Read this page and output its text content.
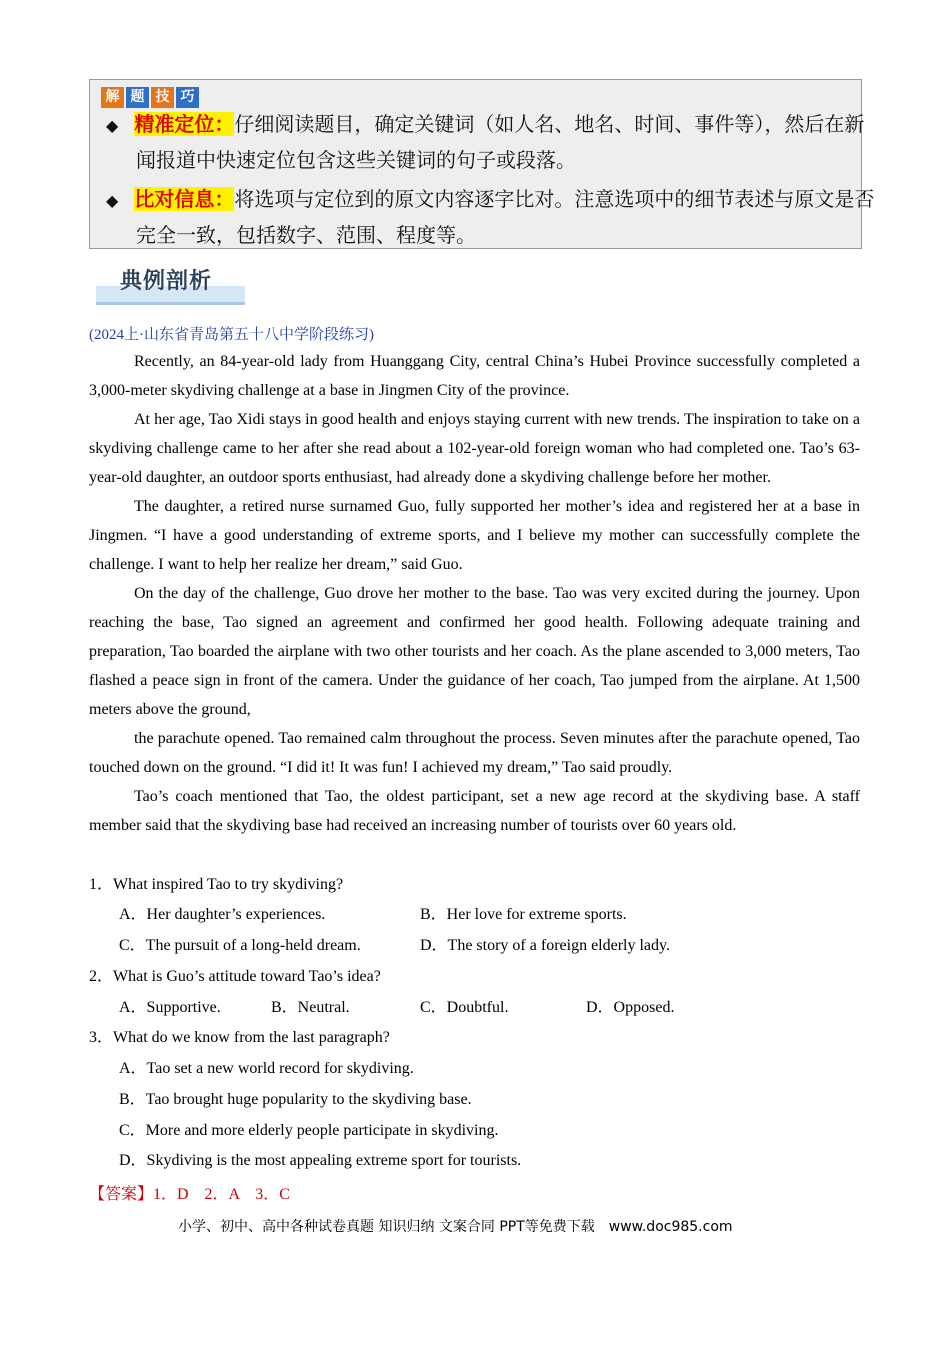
解 题 技 巧
◆ 精准定位：仔细阅读题目，确定关键词（如人名、地名、时间、事件等），然后在新
闻报道中快速定位包含这些关键词的句子或段落。
◆ 比对信息：将选项与定位到的原文内容逐字比对。注意选项中的细节表述与原文是否
完全一致，包括数字、范围、程度等。
典例剖析
(2024上·山东省青岛第五十八中学阶段练习)

Recently, an 84-year-old lady from Huanggang City, central China’s Hubei Province successfully completed a 3,000-meter skydiving challenge at a base in Jingmen City of the province.

At her age, Tao Xidi stays in good health and enjoys staying current with new trends. The inspiration to take on a skydiving challenge came to her after she read about a 102-year-old foreign woman who had completed one. Tao’s 63-year-old daughter, an outdoor sports enthusiast, had already done a skydiving challenge before her mother.

The daughter, a retired nurse surnamed Guo, fully supported her mother’s idea and registered her at a base in Jingmen. “I have a good understanding of extreme sports, and I believe my mother can successfully complete the challenge. I want to help her realize her dream,” said Guo.

On the day of the challenge, Guo drove her mother to the base. Tao was very excited during the journey. Upon reaching the base, Tao signed an agreement and confirmed her good health. Following adequate training and preparation, Tao boarded the airplane with two other tourists and her coach. As the plane ascended to 3,000 meters, Tao flashed a peace sign in front of the camera. Under the guidance of her coach, Tao jumped from the airplane. At 1,500 meters above the ground,

the parachute opened. Tao remained calm throughout the process. Seven minutes after the parachute opened, Tao touched down on the ground. “I did it! It was fun! I achieved my dream,” Tao said proudly.

Tao’s coach mentioned that Tao, the oldest participant, set a new age record at the skydiving base. A staff member said that the skydiving base had received an increasing number of tourists over 60 years old.

1．What inspired Tao to try skydiving?
A．Her daughter’s experiences.	B．Her love for extreme sports.
C．The pursuit of a long-held dream.	D．The story of a foreign elderly lady.
2．What is Guo’s attitude toward Tao’s idea?
A．Supportive.	B．Neutral.	C．Doubtful.	D．Opposed.
3．What do we know from the last paragraph?
A．Tao set a new world record for skydiving.
B．Tao brought huge popularity to the skydiving base.
C．More and more elderly people participate in skydiving.
D．Skydiving is the most appealing extreme sport for tourists.
【答案】1．D　2．A　3．C
小学、初中、高中各种试卷真题 知识归纳 文案合同 PPT等免费下载　www.doc985.com
